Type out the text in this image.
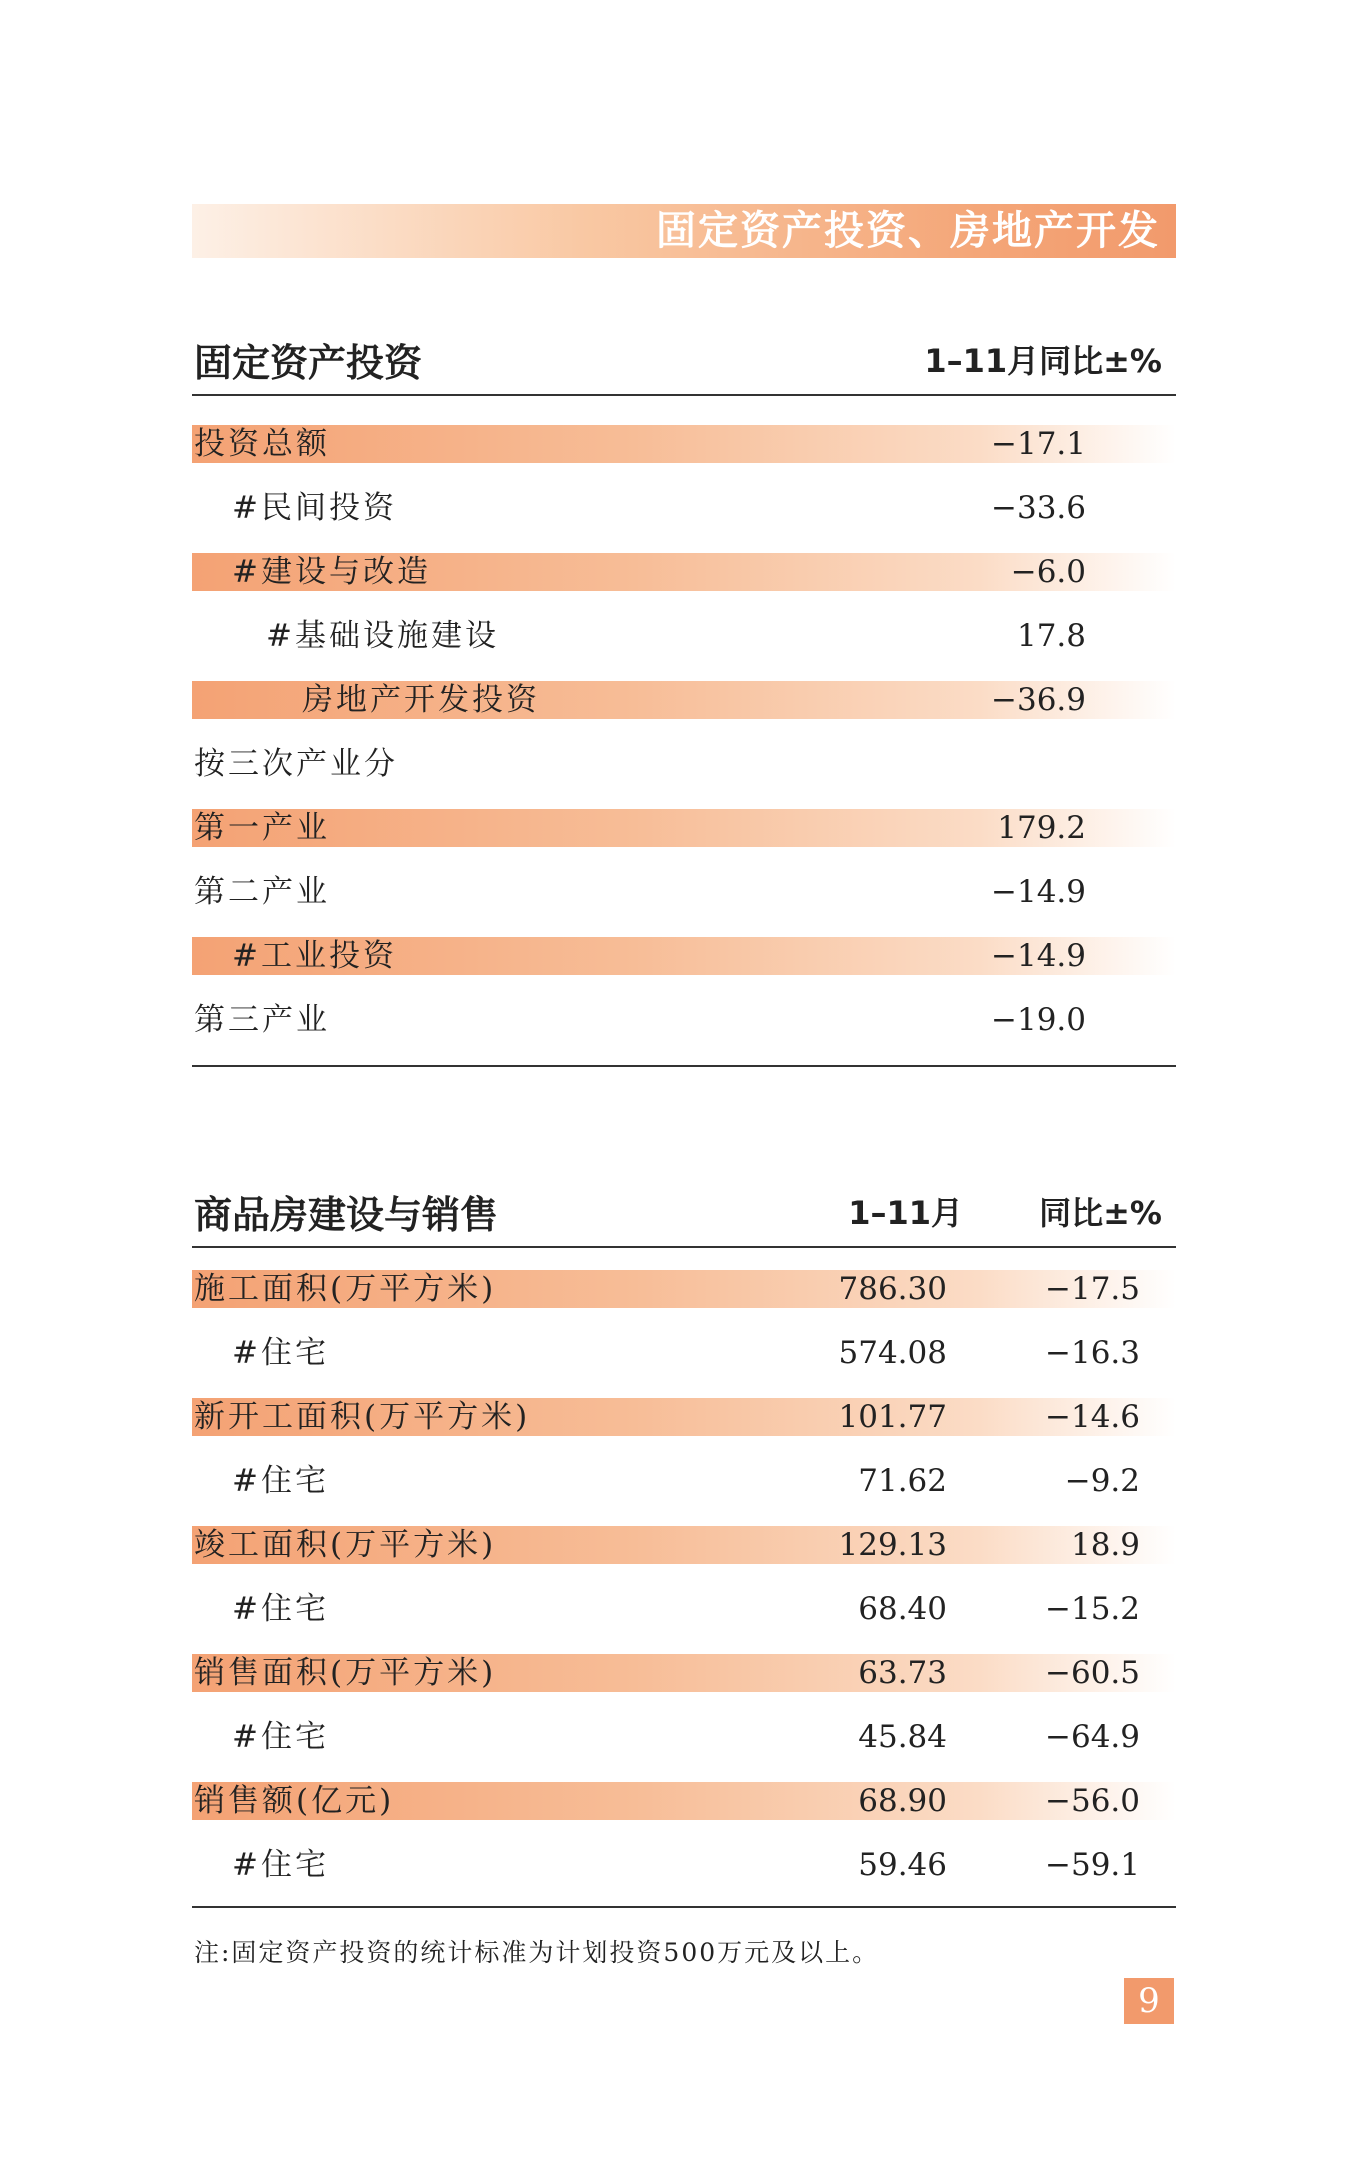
固定资产投资、房地产开发
固定资产投资	1–11月同比±%
投资总额	−17.1
#民间投资	−33.6
#建设与改造	−6.0
#基础设施建设	17.8
房地产开发投资	−36.9
按三次产业分
第一产业	179.2
第二产业	−14.9
#工业投资	−14.9
第三产业	−19.0
商品房建设与销售	1–11月 同比±%
施工面积(万平方米)	786.30	−17.5
#住宅	574.08	−16.3
新开工面积(万平方米)	101.77	−14.6
#住宅	71.62	−9.2
竣工面积(万平方米)	129.13	18.9
#住宅	68.40	−15.2
销售面积(万平方米)	63.73	−60.5
#住宅	45.84	−64.9
销售额(亿元)	68.90	−56.0
#住宅	59.46	−59.1
注:固定资产投资的统计标准为计划投资500万元及以上。
9
